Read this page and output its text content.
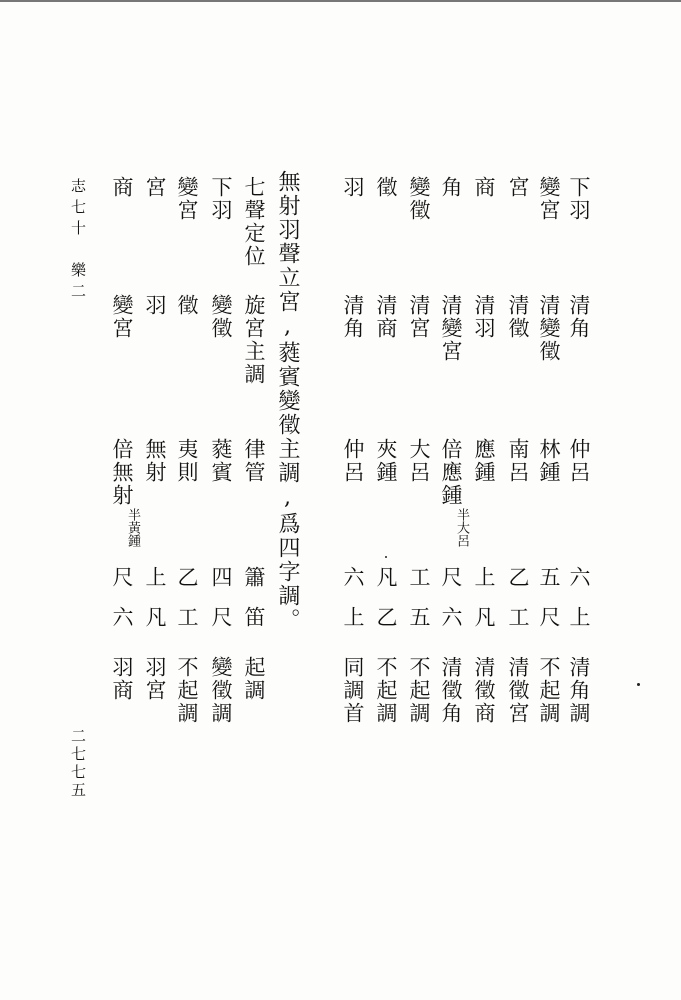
下羽
清角
仲呂
六
上
清角調
變宮
清變徵
林鍾
五
尺
不起調
宮
清徵
南呂
乙
工
清徵宮
商
清羽
應鍾
上
凡
清徵商
角
清變宮
倍應
鍾
半大呂
尺
六
清徵角
變徵
清宮
大呂
工
五
不起調
徵
清商
夾鍾
凡
乙
不起調
羽
清角
仲呂
六
上
同調首
無射羽聲立宮,蕤賓變徵主調,爲四字調。
七聲定位
旋宮主調
律管
簫
笛
起調
下羽
變徵
蕤賓
四
尺
變徵調
變宮
徵
夷則
乙
工
不起調
宮
羽
無射
上
凡
羽宮
商
變宮
倍無
射
半黃鍾
尺
六
羽商
志七十　樂二
二七七五
